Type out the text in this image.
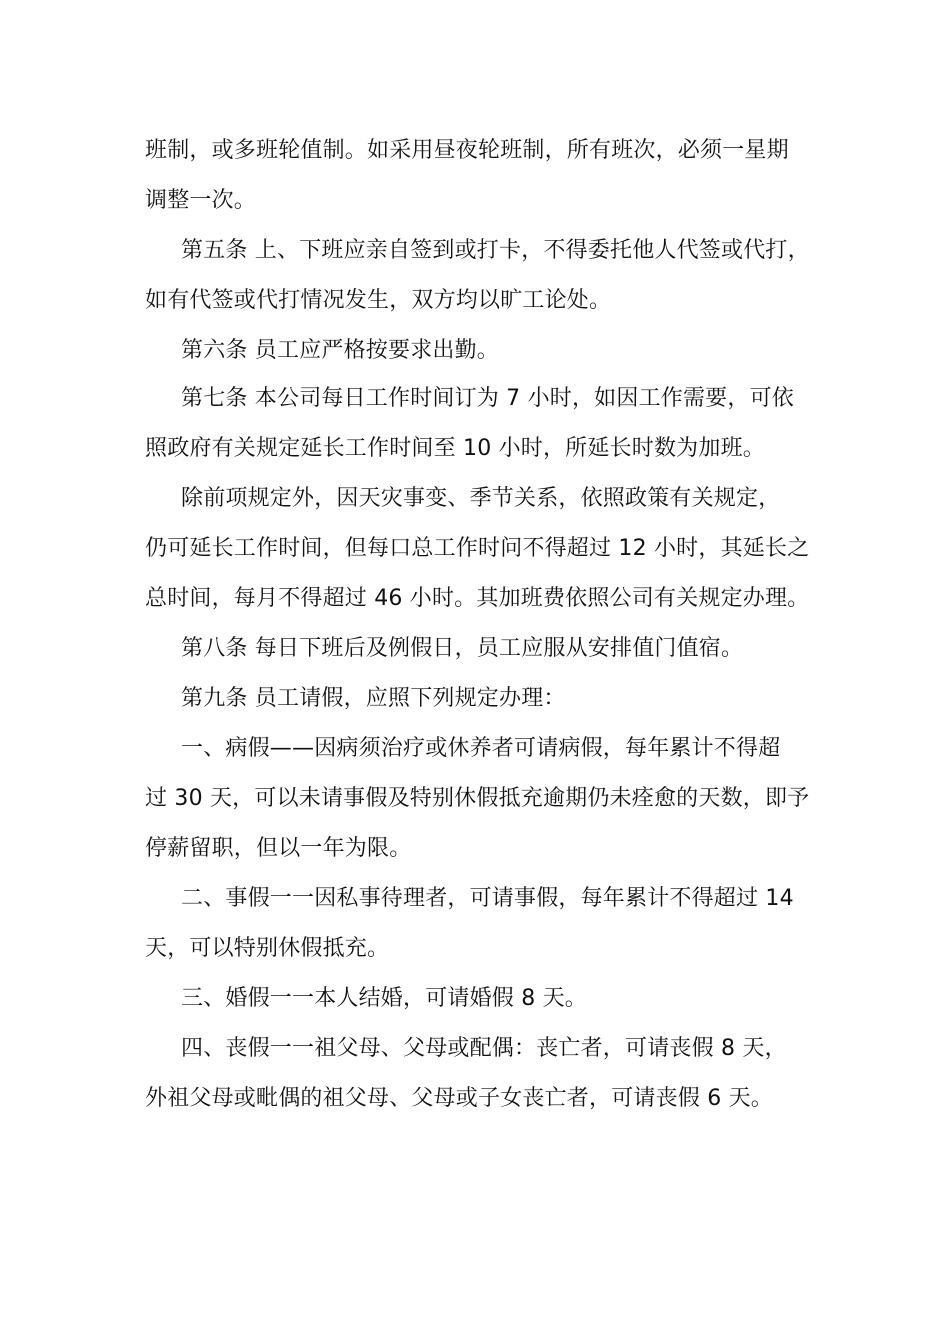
班制，或多班轮值制。如采用昼夜轮班制，所有班次，必须一星期
调整一次。
第五条 上、下班应亲自签到或打卡，不得委托他人代签或代打，
如有代签或代打情况发生，双方均以旷工论处。
第六条 员工应严格按要求出勤。
第七条 本公司每日工作时间订为 7 小时，如因工作需要，可依
照政府有关规定延长工作时间至 10 小时，所延长时数为加班。
除前项规定外，因天灾事变、季节关系，依照政策有关规定，
仍可延长工作时间，但每口总工作时问不得超过 12 小时，其延长之
总时间，每月不得超过 46 小时。其加班费依照公司有关规定办理。
第八条 每日下班后及例假日，员工应服从安排值门值宿。
第九条 员工请假，应照下列规定办理：
一、病假——因病须治疗或休养者可请病假，每年累计不得超
过 30 天，可以未请事假及特别休假抵充逾期仍未痊愈的天数，即予
停薪留职，但以一年为限。
二、事假一一因私事待理者，可请事假，每年累计不得超过 14
天，可以特别休假抵充。
三、婚假一一本人结婚，可请婚假 8 天。
四、丧假一一祖父母、父母或配偶：丧亡者，可请丧假 8 天，
外祖父母或毗偶的祖父母、父母或子女丧亡者，可请丧假 6 天。
